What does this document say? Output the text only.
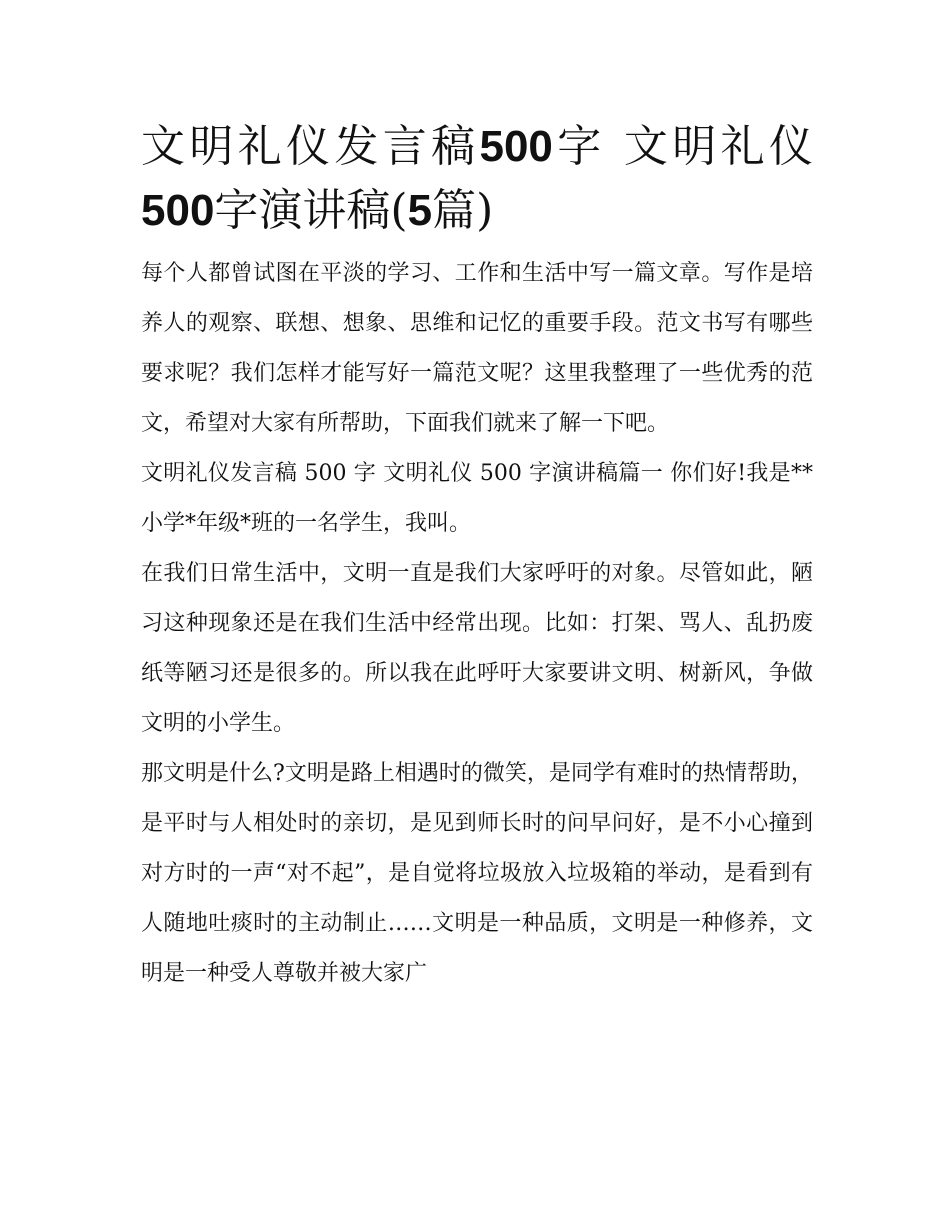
文明礼仪发言稿500字 文明礼仪500字演讲稿(5篇)

每个人都曾试图在平淡的学习、工作和生活中写一篇文章。写作是培养人的观察、联想、想象、思维和记忆的重要手段。范文书写有哪些要求呢？我们怎样才能写好一篇范文呢？这里我整理了一些优秀的范文，希望对大家有所帮助，下面我们就来了解一下吧。

文明礼仪发言稿 500 字 文明礼仪 500 字演讲稿篇一 你们好!我是**小学*年级*班的一名学生，我叫。

在我们日常生活中，文明一直是我们大家呼吁的对象。尽管如此，陋习这种现象还是在我们生活中经常出现。比如：打架、骂人、乱扔废纸等陋习还是很多的。所以我在此呼吁大家要讲文明、树新风，争做文明的小学生。

那文明是什么?文明是路上相遇时的微笑，是同学有难时的热情帮助，是平时与人相处时的亲切，是见到师长时的问早问好，是不小心撞到对方时的一声“对不起”，是自觉将垃圾放入垃圾箱的举动，是看到有人随地吐痰时的主动制止……文明是一种品质，文明是一种修养，文明是一种受人尊敬并被大家广
